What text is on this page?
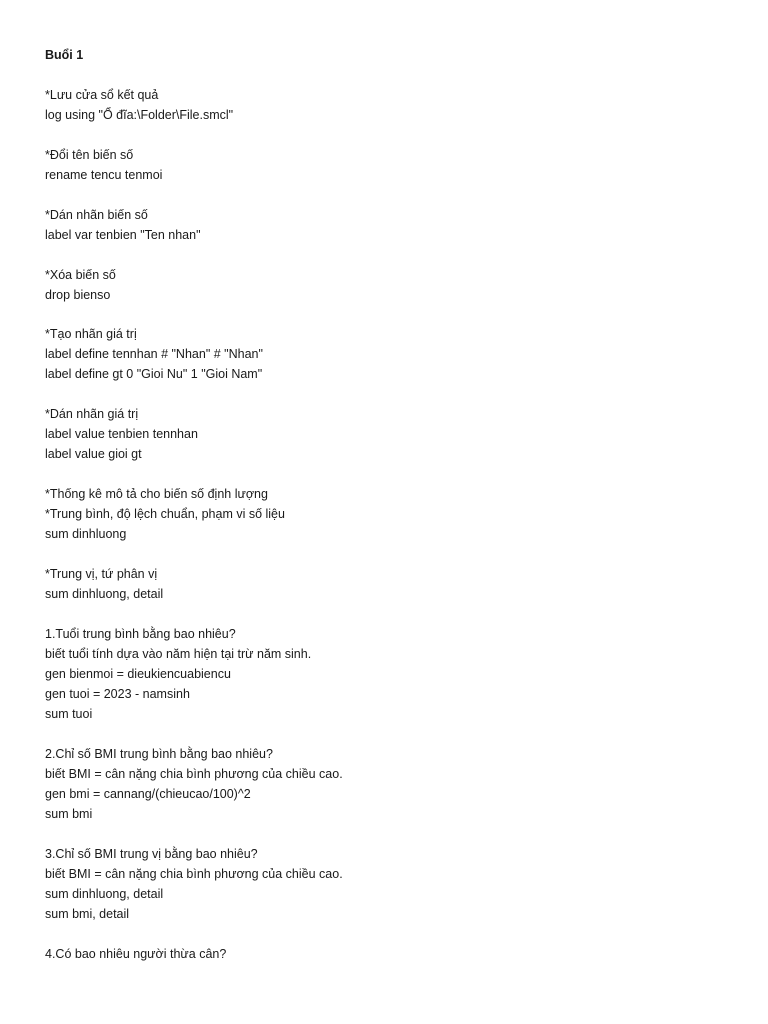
Buổi 1
*Lưu cửa sổ kết quả
log using "Ổ đĩa:\Folder\File.smcl"
*Đổi tên biến số
rename tencu tenmoi
*Dán nhãn biến số
label var tenbien "Ten nhan"
*Xóa biến số
drop bienso
*Tạo nhãn giá trị
label define tennhan # "Nhan" # "Nhan"
label define gt 0 "Gioi Nu" 1 "Gioi Nam"
*Dán nhãn giá trị
label value tenbien tennhan
label value gioi gt
*Thống kê mô tả cho biến số định lượng
*Trung bình, độ lệch chuẩn, phạm vi số liệu
sum dinhluong
*Trung vị, tứ phân vị
sum dinhluong, detail
1.Tuổi trung bình bằng bao nhiêu?
biết tuổi tính dựa vào năm hiện tại trừ năm sinh.
gen bienmoi = dieukiencuabiencu
gen tuoi = 2023 - namsinh
sum tuoi
2.Chỉ số BMI trung bình bằng bao nhiêu?
biết BMI = cân nặng chia bình phương của chiều cao.
gen bmi = cannang/(chieucao/100)^2
sum bmi
3.Chỉ số BMI trung vị bằng bao nhiêu?
biết BMI = cân nặng chia bình phương của chiều cao.
sum dinhluong, detail
sum bmi, detail
4.Có bao nhiêu người thừa cân?
